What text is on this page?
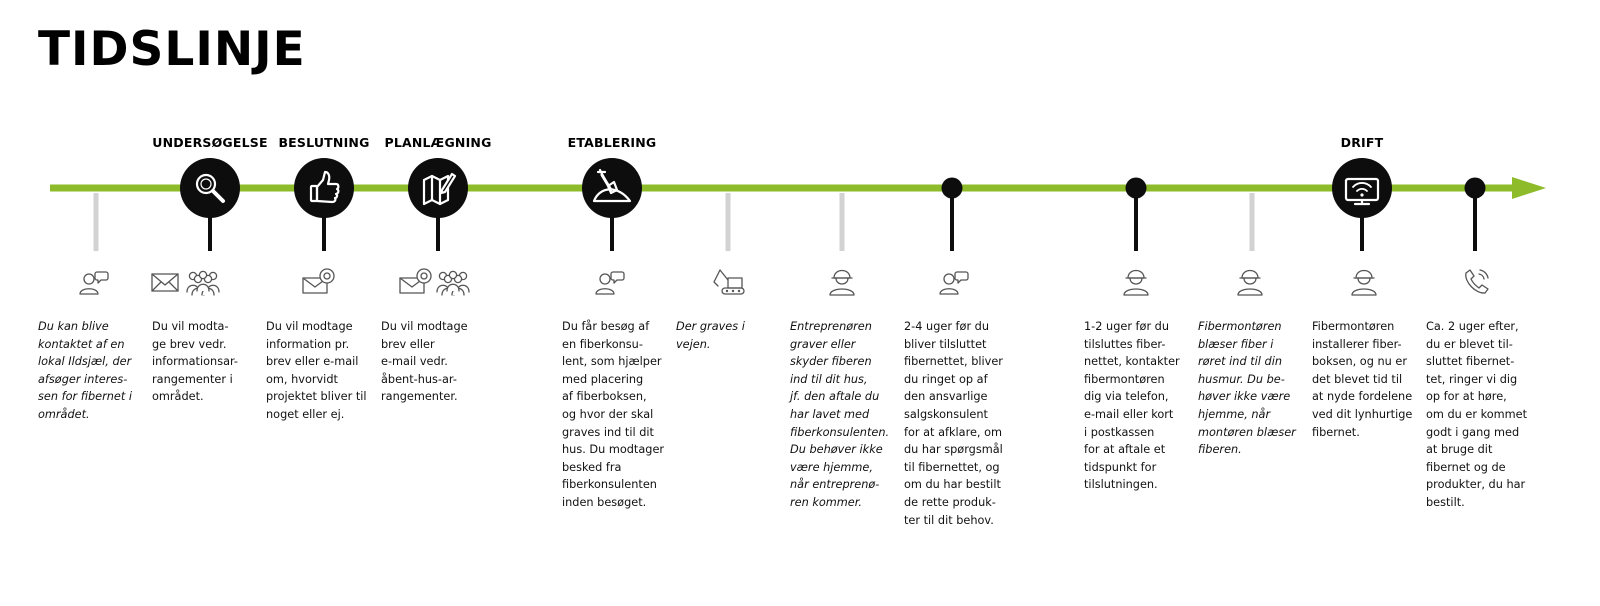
TIDSLINJE
UNDERSØGELSE BESLUTNING	PLANLÆGNING	ETABLERING	DRIFT
Du kan blive
kontaktet af en
lokal Ildsjæl, der
afsøger interes-
sen for fibernet i
området.
Du vil modta-
ge brev vedr.
informationsar-
rangementer i
området.
Du vil modtage
information pr.
brev eller e-mail
om, hvorvidt
projektet bliver til
noget eller ej.
Du vil modtage
brev eller
e-mail vedr.
åbent-hus-ar-
rangementer.
Du får besøg af
en fiberkonsu-
lent, som hjælper
med placering
af fiberboksen,
og hvor der skal
graves ind til dit
hus. Du modtager
besked fra
fiberkonsulenten
inden besøget.
Der graves i
vejen.
Entreprenøren
graver eller
skyder fiberen
ind til dit hus,
jf. den aftale du
har lavet med
fiberkonsulenten.
Du behøver ikke
være hjemme,
når entreprenø-
ren kommer.
2-4 uger før du
bliver tilsluttet
fibernettet, bliver
du ringet op af
den ansvarlige
salgskonsulent
for at afklare, om
du har spørgsmål
til fibernettet, og
om du har bestilt
de rette produk-
ter til dit behov.
1-2 uger før du
tilsluttes fiber-
nettet, kontakter
fibermontøren
dig via telefon,
e-mail eller kort
i postkassen
for at aftale et
tidspunkt for
tilslutningen.
Fibermontøren
blæser fiber i
røret ind til din
husmur. Du be-
høver ikke være
hjemme, når
montøren blæser
fiberen.
Fibermontøren
installerer fiber-
boksen, og nu er
det blevet tid til
at nyde fordelene
ved dit lynhurtige
fibernet.
Ca. 2 uger efter,
du er blevet til-
sluttet fibernet-
tet, ringer vi dig
op for at høre,
om du er kommet
godt i gang med
at bruge dit
fibernet og de
produkter, du har
bestilt.
